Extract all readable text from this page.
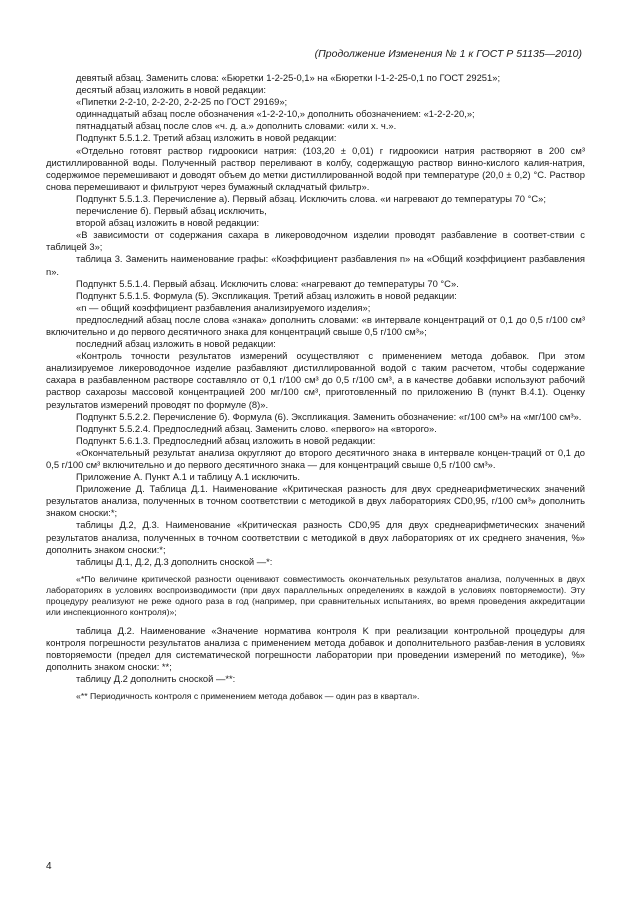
(Продолжение Изменения № 1 к ГОСТ Р 51135—2010)

девятый абзац. Заменить слова: «Бюретки 1-2-25-0,1» на «Бюретки I-1-2-25-0,1 по ГОСТ 29251»;

десятый абзац изложить в новой редакции:

«Пипетки 2-2-10, 2-2-20, 2-2-25 по ГОСТ 29169»;

одиннадцатый абзац после обозначения «1-2-2-10,» дополнить обозначением: «1-2-2-20,»;

пятнадцатый абзац после слов «ч. д. а.» дополнить словами: «или х. ч.».

Подпункт 5.5.1.2. Третий абзац изложить в новой редакции:

«Отдельно готовят раствор гидроокиси натрия: (103,20 ± 0,01) г гидроокиси натрия растворяют в 200 см³ дистиллированной воды. Полученный раствор переливают в колбу, содержащую раствор винно-кислого калия-натрия, содержимое перемешивают и доводят объем до метки дистиллированной водой при температуре (20,0 ± 0,2) °С. Раствор снова перемешивают и фильтруют через бумажный складчатый фильтр».

Подпункт 5.5.1.3. Перечисление а). Первый абзац. Исключить слова. «и нагревают до температуры 70 °С»;

перечисление б). Первый абзац исключить,

второй абзац изложить в новой редакции:

«В зависимости от содержания сахара в ликероводочном изделии проводят разбавление в соответ-ствии с таблицей 3»;

таблица 3. Заменить наименование графы: «Коэффициент разбавления n» на «Общий коэффициент разбавления n».

Подпункт 5.5.1.4. Первый абзац. Исключить слова: «нагревают до температуры 70 °С».

Подпункт 5.5.1.5. Формула (5). Экспликация. Третий абзац изложить в новой редакции:

«n — общий коэффициент разбавления анализируемого изделия»;

предпоследний абзац после слова «знака» дополнить словами: «в интервале концентраций от 0,1 до 0,5 г/100 см³ включительно и до первого десятичного знака для концентраций свыше 0,5 г/100 см³»;

последний абзац изложить в новой редакции:

«Контроль точности результатов измерений осуществляют с применением метода добавок. При этом анализируемое ликероводочное изделие разбавляют дистиллированной водой с таким расчетом, чтобы содержание сахара в разбавленном растворе составляло от 0,1 г/100 см³ до 0,5 г/100 см³, а в качестве добавки используют рабочий раствор сахарозы массовой концентрацией 200 мг/100 см³, приготовленный по приложению В (пункт В.4.1). Оценку результатов измерений проводят по формуле (8)».

Подпункт 5.5.2.2. Перечисление б). Формула (6). Экспликация. Заменить обозначение: «г/100 см³» на «мг/100 см³».

Подпункт 5.5.2.4. Предпоследний абзац. Заменить слово. «первого» на «второго».

Подпункт 5.6.1.3. Предпоследний абзац изложить в новой редакции:

«Окончательный результат анализа округляют до второго десятичного знака в интервале концен-траций от 0,1 до 0,5 г/100 см³ включительно и до первого десятичного знака — для концентраций свыше 0,5 г/100 см³».

Приложение А. Пункт А.1 и таблицу А.1 исключить.

Приложение Д. Таблица Д.1. Наименование «Критическая разность для двух среднеарифметических значений результатов анализа, полученных в точном соответствии с методикой в двух лабораториях CD0,95, г/100 см³» дополнить знаком сноски:*;

таблицы Д.2, Д.3. Наименование «Критическая разность CD0,95 для двух среднеарифметических значений результатов анализа, полученных в точном соответствии с методикой в двух лабораториях от их среднего значения, %» дополнить знаком сноски:*;

таблицы Д.1, Д.2, Д.3 дополнить сноской —*:

«*По величине критической разности оценивают совместимость окончательных результатов анализа, полученных в двух лабораториях в условиях воспроизводимости (при двух параллельных определениях в каждой в условиях повторяемости). Эту процедуру реализуют не реже одного раза в год (например, при сравнительных испытаниях, во время проведения аккредитации или инспекционного контроля)»;

таблица Д.2. Наименование «Значение норматива контроля K при реализации контрольной процедуры для контроля погрешности результатов анализа с применением метода добавок и дополнительного разбав-ления в условиях повторяемости (предел для систематической погрешности лаборатории при проведении измерений по методике), %» дополнить знаком сноски: **;

таблицу Д.2 дополнить сноской —**:

«** Периодичность контроля с применением метода добавок — один раз в квартал».

4
